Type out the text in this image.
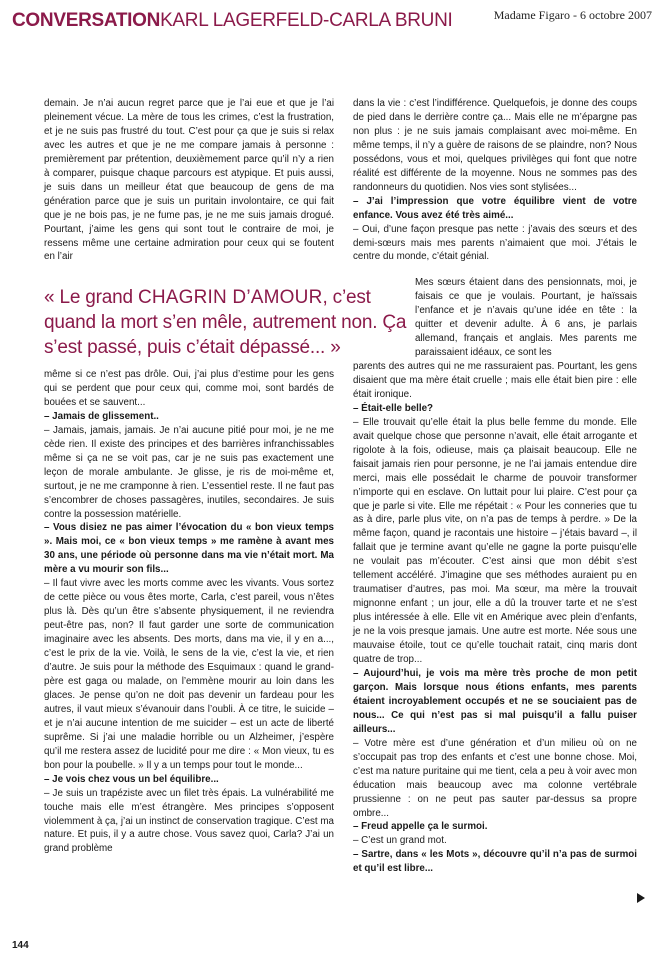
CONVERSATIONKARL LAGERFELD-CARLA BRUNI	Madame Figaro - 6 octobre 2007

demain. Je n’ai aucun regret parce que je l’ai eue et que je l’ai pleinement vécue. La mère de tous les crimes, c’est la frustration, et je ne suis pas frustré du tout. C’est pour ça que je suis si relax avec les autres et que je ne me compare jamais à personne : premièrement par prétention, deuxièmement parce qu’il n’y a rien à comparer, puisque chaque parcours est atypique. Et puis aussi, je suis dans un meilleur état que beaucoup de gens de ma génération parce que je suis un puritain involontaire, ce qui fait que je ne bois pas, je ne fume pas, je ne me suis jamais drogué. Pourtant, j’aime les gens qui sont tout le contraire de moi, je ressens même une certaine admiration pour ceux qui se foutent en l’air

« Le grand CHAGRIN D’AMOUR, c’est quand la mort s’en mêle, autrement non. Ça s’est passé, puis c’était dépassé... »

même si ce n’est pas drôle. Oui, j’ai plus d’estime pour les gens qui se perdent que pour ceux qui, comme moi, sont bardés de bouées et se sauvent...

– Jamais de glissement..

– Jamais, jamais, jamais. Je n’ai aucune pitié pour moi, je ne me cède rien. Il existe des principes et des barrières infranchissables même si ça ne se voit pas, car je ne suis pas exactement une leçon de morale ambulante. Je glisse, je ris de moi-même et, surtout, je ne me cramponne à rien. L’essentiel reste. Il ne faut pas s’encombrer de choses passagères, inutiles, secondaires. Je suis contre la possession matérielle.

– Vous disiez ne pas aimer l’évocation du « bon vieux temps ». Mais moi, ce « bon vieux temps » me ramène à avant mes 30 ans, une période où personne dans ma vie n’était mort. Ma mère a vu mourir son fils...

– Il faut vivre avec les morts comme avec les vivants. Vous sortez de cette pièce ou vous êtes morte, Carla, c’est pareil, vous n’êtes plus là. Dès qu’un être s’absente physiquement, il ne reviendra peut-être pas, non? Il faut garder une sorte de communication imaginaire avec les absents. Des morts, dans ma vie, il y en a..., c’est le prix de la vie. Voilà, le sens de la vie, c’est la vie, et rien d’autre. Je suis pour la méthode des Esquimaux : quand le grand-père est gaga ou malade, on l’emmène mourir au loin dans les glaces. Je pense qu’on ne doit pas devenir un fardeau pour les autres, il vaut mieux s’évanouir dans l’oubli. À ce titre, le suicide – et je n’ai aucune intention de me suicider – est un acte de liberté suprême. Si j’ai une maladie horrible ou un Alzheimer, j’espère qu’il me restera assez de lucidité pour me dire : « Mon vieux, tu es bon pour la poubelle. » Il y a un temps pour tout le monde...

– Je vois chez vous un bel équilibre...

– Je suis un trapéziste avec un filet très épais. La vulnérabilité me touche mais elle m’est étrangère. Mes principes s’opposent violemment à ça, j’ai un instinct de conservation tragique. C’est ma nature. Et puis, il y a autre chose. Vous savez quoi, Carla? J’ai un grand problème

dans la vie : c’est l’indifférence. Quelquefois, je donne des coups de pied dans le derrière contre ça... Mais elle ne m’épargne pas non plus : je ne suis jamais complaisant avec moi-même. En même temps, il n’y a guère de raisons de se plaindre, non? Nous possédons, vous et moi, quelques privilèges qui font que notre réalité est différente de la moyenne. Nous ne sommes pas des randonneurs du quotidien. Nos vies sont stylisées...

– J’ai l’impression que votre équilibre vient de votre enfance. Vous avez été très aimé...

– Oui, d’une façon presque pas nette : j’avais des sœurs et des demi-sœurs mais mes parents n’aimaient que moi. J’étais le centre du monde, c’était génial.

Mes sœurs étaient dans des pensionnats, moi, je faisais ce que je voulais. Pourtant, je haïssais l’enfance et je n’avais qu’une idée en tête : la quitter et devenir adulte. À 6 ans, je parlais allemand, français et anglais. Mes parents me paraissaient idéaux, ce sont les

parents des autres qui ne me rassuraient pas. Pourtant, les gens disaient que ma mère était cruelle ; mais elle était bien pire : elle était ironique.

– Était-elle belle?

– Elle trouvait qu’elle était la plus belle femme du monde. Elle avait quelque chose que personne n’avait, elle était arrogante et rigolote à la fois, odieuse, mais ça plaisait beaucoup. Elle ne faisait jamais rien pour personne, je ne l’ai jamais entendue dire merci, mais elle possédait le charme de pouvoir transformer n’importe qui en esclave. On luttait pour lui plaire. C’est pour ça que je parle si vite. Elle me répétait : « Pour les conneries que tu as à dire, parle plus vite, on n’a pas de temps à perdre. » De la même façon, quand je racontais une histoire – j’étais bavard –, il fallait que je termine avant qu’elle ne gagne la porte puisqu’elle ne voulait pas m’écouter. C’est ainsi que mon débit s’est tellement accéléré. J’imagine que ses méthodes auraient pu en traumatiser d’autres, pas moi. Ma sœur, ma mère la trouvait mignonne enfant ; un jour, elle a dû la trouver tarte et ne s’est plus intéressée à elle. Elle vit en Amérique avec plein d’enfants, je ne la vois presque jamais. Une autre est morte. Née sous une mauvaise étoile, tout ce qu’elle touchait ratait, cinq maris dont quatre de trop...

– Aujourd’hui, je vois ma mère très proche de mon petit garçon. Mais lorsque nous étions enfants, mes parents étaient incroyablement occupés et ne se souciaient pas de nous... Ce qui n’est pas si mal puisqu’il a fallu puiser ailleurs...

– Votre mère est d’une génération et d’un milieu où on ne s’occupait pas trop des enfants et c’est une bonne chose. Moi, c’est ma nature puritaine qui me tient, cela a peu à voir avec mon éducation mais beaucoup avec ma colonne vertébrale prussienne : on ne peut pas sauter par-dessus sa propre ombre...

– Freud appelle ça le surmoi.

– C’est un grand mot.

– Sartre, dans « les Mots », découvre qu’il n’a pas de surmoi et qu’il est libre...

144
